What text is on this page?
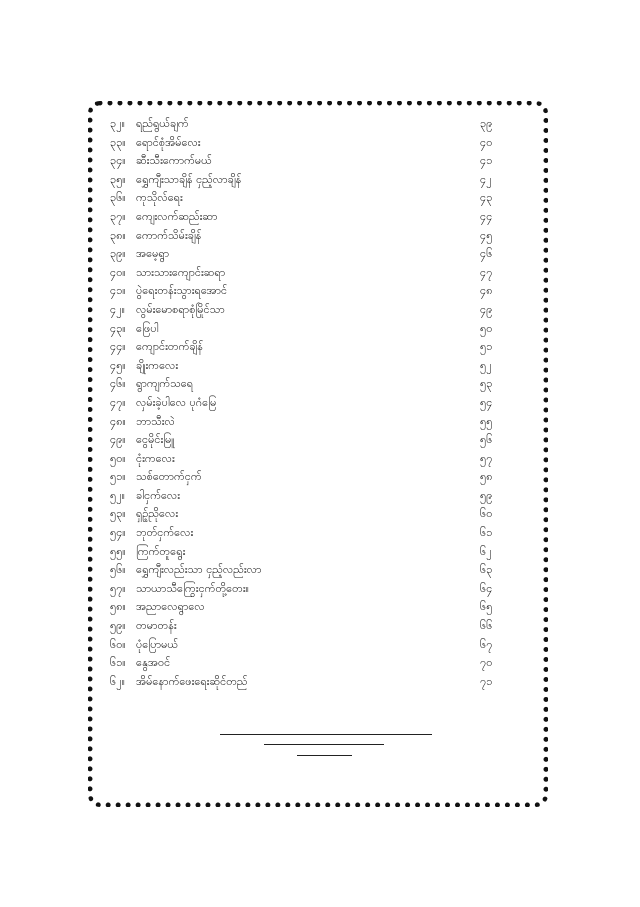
၃၂။	ရည်ရွယ်ချက်	၃၉
၃၃။ ရောင်စုံအိမ်လေး	၄၀
၃၄။ ဆီးသီးကောက်မယ်	၄၁
၃၅။ ရွှေကျီးသာချိန် ငှည့်လာချိန်	၄၂
၃၆။ ကုသိုလ်ရေး	၄၃
၃၇။ ကျေးလက်ဆည်းဆာ	၄၄
၃၈။ ကောက်သိမ်းချိန်	၄၅
၃၉။ အမေ့ရွာ	၄၆
၄၀။ သားသားကျောင်းဆရာ	၄၇
၄၁။ ပွဲရေးတန်းသွားရအောင်	၄၈
၄၂။	လွမ်းမောစရာစုံမြိုင်သာ	၄၉
၄၃။ ဖြေပါ	၅၀
၄၄။ ကျောင်းတက်ချိန်	၅၁
၄၅။ ချိုးကလေး	၅၂
၄၆။ ရွာကျက်သရေ	၅၃
၄၇။ လှမ်းခဲ့ပါလေ ပုဂံမြေ	၅၄
၄၈။ ဘာသီးလဲ	၅၅
၄၉။ ငွေမိုင်းမြူ	၅၆
၅၀။ ငုံးကလေး	၅၇
၅၁။ သစ်တောက်ငှက်	၅၈
၅၂။	ခါငှက်လေး	၅၉
၅၃။ ရှဉ့်ညိုလေး	၆၀
၅၄။ ဘုတ်ငှက်လေး	၆၁
၅၅။ ကြက်တူရွေး	၆၂
၅၆။ ရွှေကျီးလည်းသာ ငှည့်လည်းလာ	၆၃
၅၇။ သာယာသီကြွေးငှက်တို့တေး။	၆၄
၅၈။ အညာလေရွာလေ	၆၅
၅၉။ တမာတန်း	၆၆
၆၀။ ပုံပြောမယ်	၆၇
၆၁။ နွေအဝင်	၇၀
၆၂။	အိမ်နောက်ဖေးရေးဆိုင်တည်	၇၁
